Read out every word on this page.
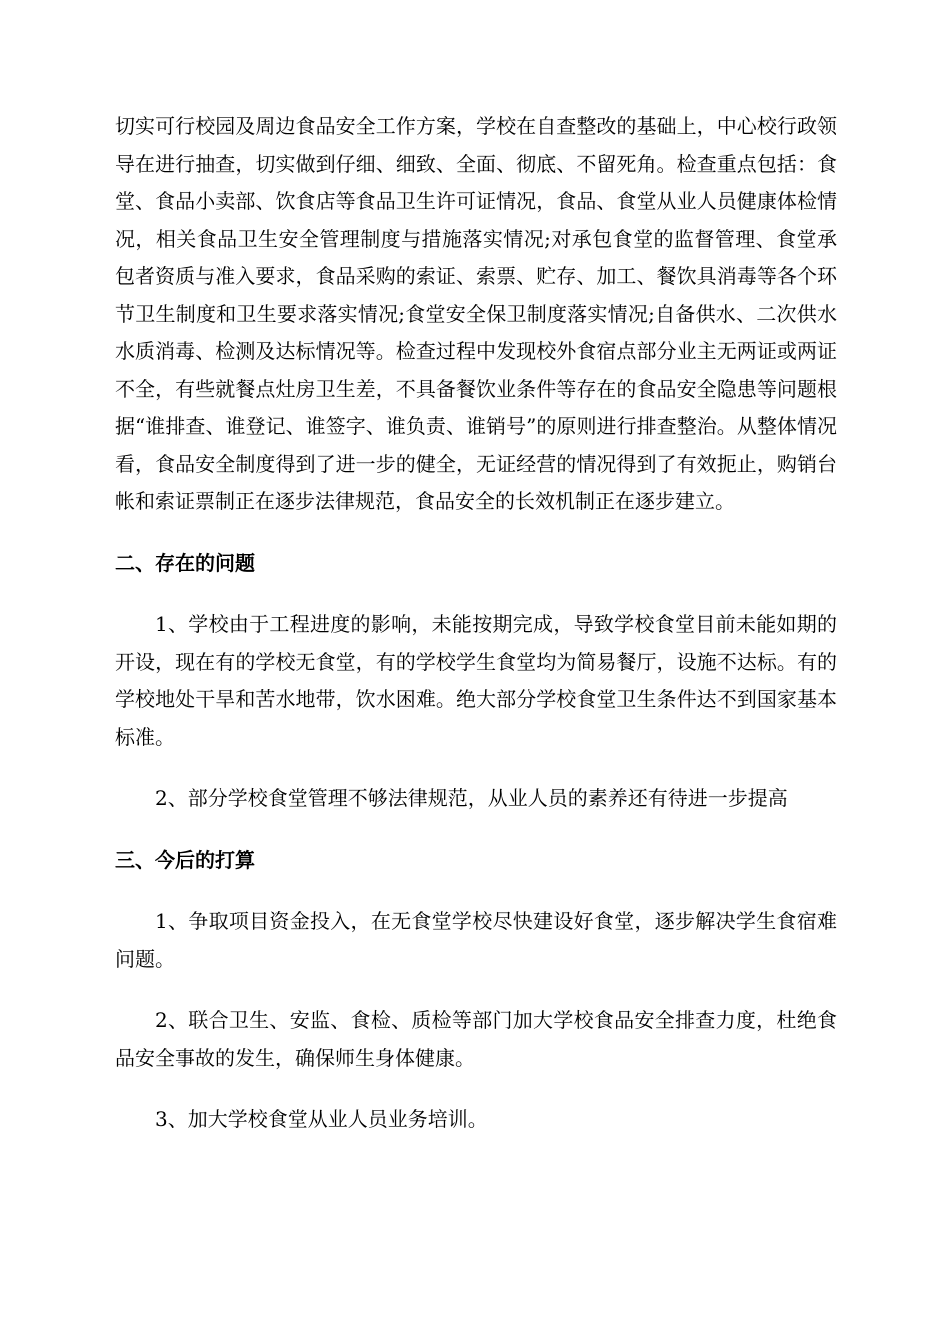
切实可行校园及周边食品安全工作方案，学校在自查整改的基础上，中心校行政领导在进行抽查，切实做到仔细、细致、全面、彻底、不留死角。检查重点包括：食堂、食品小卖部、饮食店等食品卫生许可证情况，食品、食堂从业人员健康体检情况，相关食品卫生安全管理制度与措施落实情况;对承包食堂的监督管理、食堂承包者资质与准入要求，食品采购的索证、索票、贮存、加工、餐饮具消毒等各个环节卫生制度和卫生要求落实情况;食堂安全保卫制度落实情况;自备供水、二次供水水质消毒、检测及达标情况等。检查过程中发现校外食宿点部分业主无两证或两证不全，有些就餐点灶房卫生差，不具备餐饮业条件等存在的食品安全隐患等问题根据“谁排查、谁登记、谁签字、谁负责、谁销号”的原则进行排查整治。从整体情况看，食品安全制度得到了进一步的健全，无证经营的情况得到了有效扼止，购销台帐和索证票制正在逐步法律规范，食品安全的长效机制正在逐步建立。

二、存在的问题

1、学校由于工程进度的影响，未能按期完成，导致学校食堂目前未能如期的开设，现在有的学校无食堂，有的学校学生食堂均为简易餐厅，设施不达标。有的学校地处干旱和苦水地带，饮水困难。绝大部分学校食堂卫生条件达不到国家基本标准。

2、部分学校食堂管理不够法律规范，从业人员的素养还有待进一步提高

三、今后的打算

1、争取项目资金投入，在无食堂学校尽快建设好食堂，逐步解决学生食宿难问题。

2、联合卫生、安监、食检、质检等部门加大学校食品安全排查力度，杜绝食品安全事故的发生，确保师生身体健康。

3、加大学校食堂从业人员业务培训。
